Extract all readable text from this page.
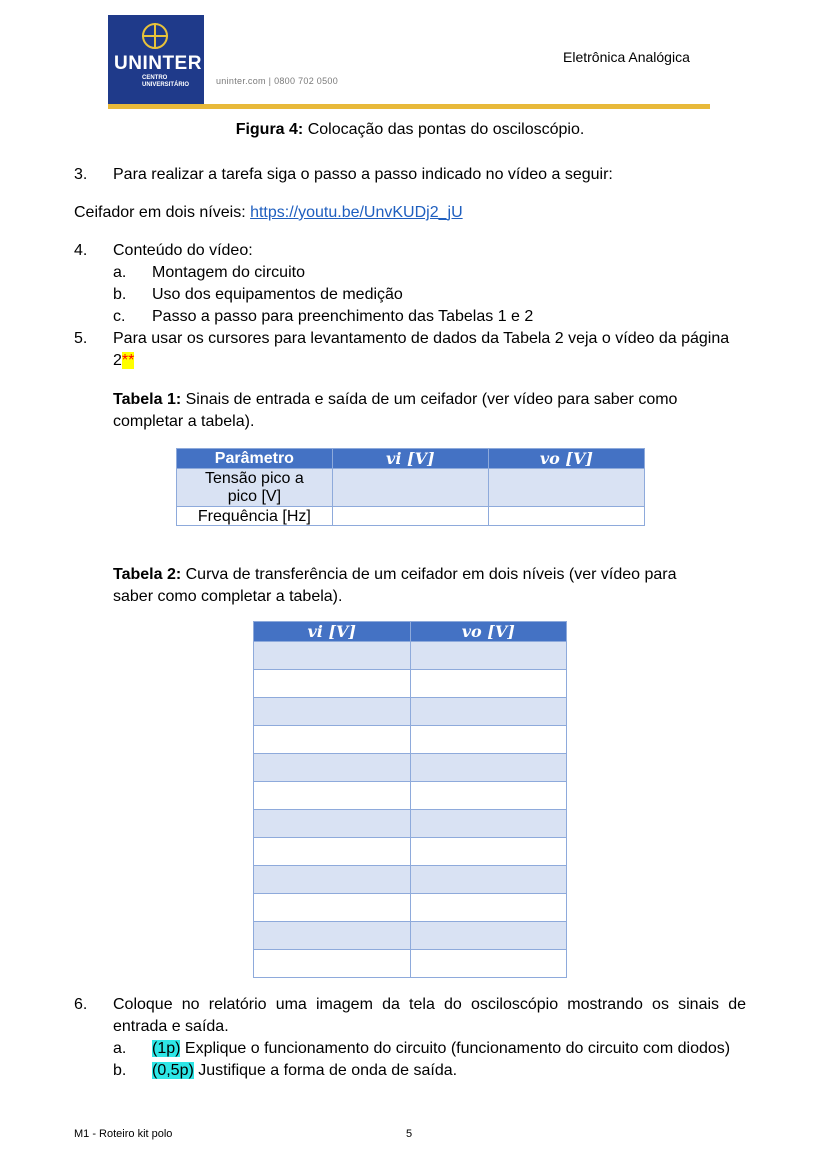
UNINTER
CENTRO
UNIVERSITÁRIO	uninter.com | 0800 702 0500
Eletrônica Analógica
Figura 4: Colocação das pontas do osciloscópio.
3. Para realizar a tarefa siga o passo a passo indicado no vídeo a seguir:
Ceifador em dois níveis: https://youtu.be/UnvKUDj2_jU
4. Conteúdo do vídeo:
a. Montagem do circuito
b. Uso dos equipamentos de medição
c. Passo a passo para preenchimento das Tabelas 1 e 2
5. Para usar os cursores para levantamento de dados da Tabela 2 veja o vídeo da página
2**
Tabela 1: Sinais de entrada e saída de um ceifador (ver vídeo para saber como
completar a tabela).
Parâmetro	𝒗𝒊 [𝑽]	𝒗𝒐 [𝑽]

Tensão pico a pico [V]		

Frequência [Hz]		
Tabela 2: Curva de transferência de um ceifador em dois níveis (ver vídeo para
saber como completar a tabela).
𝒗𝒊 [𝑽]	𝒗𝒐 [𝑽]

6. Coloque no relatório uma imagem da tela do osciloscópio mostrando os sinais de
entrada e saída.
a. (1p) Explique o funcionamento do circuito (funcionamento do circuito com diodos)
b. (0,5p) Justifique a forma de onda de saída.
M1 - Roteiro kit polo	5
